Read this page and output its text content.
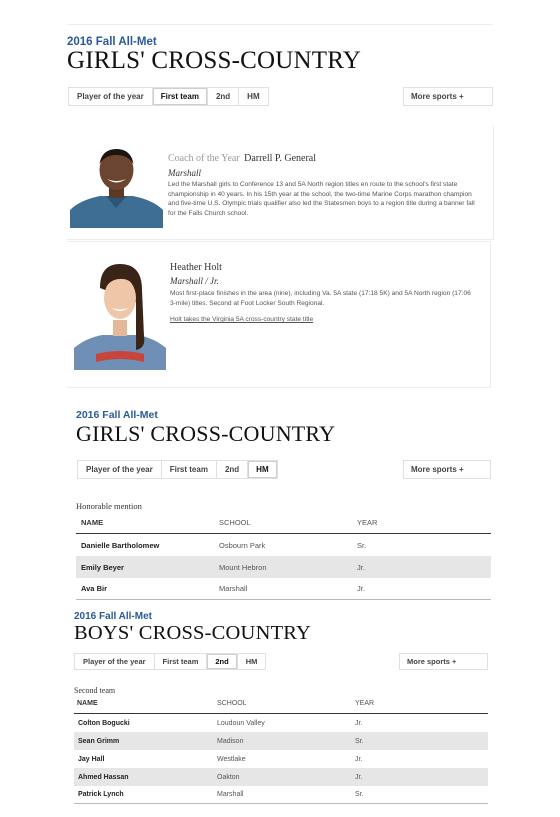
2016 Fall All-Met
GIRLS' CROSS-COUNTRY
Player of the year	First team	2nd	HM	More sports +
Coach of the Year Darrell P. General
Marshall
Led the Marshall girls to Conference 13 and 5A North region titles en route to the school's first state championship in 40 years. In his 15th year at the school, the two-time Marine Corps marathon champion and five-time U.S. Olympic trials qualifier also led the Statesmen boys to a region title during a banner fall for the Falls Church school.
Heather Holt
Marshall / Jr.
Most first-place finishes in the area (nine), including Va. 5A state (17:18 5K) and 5A North region (17:06 3-mile) titles. Second at Foot Locker South Regional.
Holt takes the Virginia 5A cross-country state title
2016 Fall All-Met
GIRLS' CROSS-COUNTRY
Player of the year	First team	2nd	HM	More sports +
Honorable mention
NAME	SCHOOL	YEAR
Danielle Bartholomew	Osbourn Park	Sr.
Emily Beyer	Mount Hebron	Jr.
Ava Bir	Marshall	Jr.
2016 Fall All-Met
BOYS' CROSS-COUNTRY
Player of the year	First team	2nd	HM	More sports +
Second team
NAME	SCHOOL	YEAR
Colton Bogucki	Loudoun Valley	Jr.
Sean Grimm	Madison	Sr.
Jay Hall	Westlake	Jr.
Ahmed Hassan	Oakton	Jr.
Patrick Lynch	Marshall	Sr.
